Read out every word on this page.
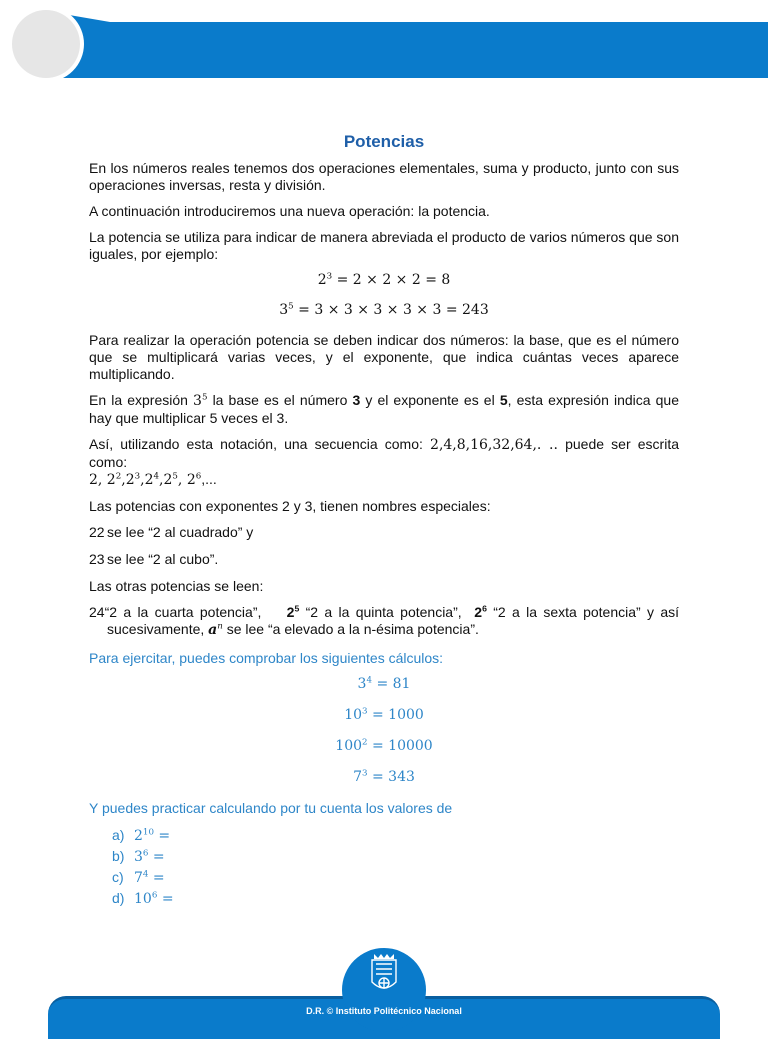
Potencias

En los números reales tenemos dos operaciones elementales, suma y producto, junto con sus operaciones inversas, resta y división.

A continuación introduciremos una nueva operación: la potencia.

La potencia se utiliza para indicar de manera abreviada el producto de varios números que son iguales, por ejemplo:

$2^3 = 2 \times 2 \times 2 = 8$
$3^5 = 3 \times 3 \times 3 \times 3 \times 3 = 243$

Para realizar la operación potencia se deben indicar dos números: la base, que es el número que se multiplicará varias veces, y el exponente, que indica cuántas veces aparece multiplicando.

En la expresión $3^5$ la base es el número 3 y el exponente es el 5, esta expresión indica que hay que multiplicar 5 veces el 3.

Así, utilizando esta notación, una secuencia como: 2,4,8,16,32,64,. .. puede ser escrita como:
2, $2^2,2^3,2^4,2^5$, $2^6$,...

Las potencias con exponentes 2 y 3, tienen nombres especiales:

22 se lee “2 al cuadrado” y
23 se lee “2 al cubo”.

Las otras potencias se leen:

24“2 a la cuarta potencia”, $2^5$ “2 a la quinta potencia”, $2^6$ “2 a la sexta potencia” y así sucesivamente, $a^n$ se lee “a elevado a la n-ésima potencia”.

Para ejercitar, puedes comprobar los siguientes cálculos:

$3^4 = 81$
$10^3 = 1000$
$100^2 = 10000$
$7^3 = 343$

Y puedes practicar calculando por tu cuenta los valores de

a) $2^{10}$ =
b) $3^6$ =
c) $7^4$ =
d) $10^6$ =
D.R. © Instituto Politécnico Nacional
